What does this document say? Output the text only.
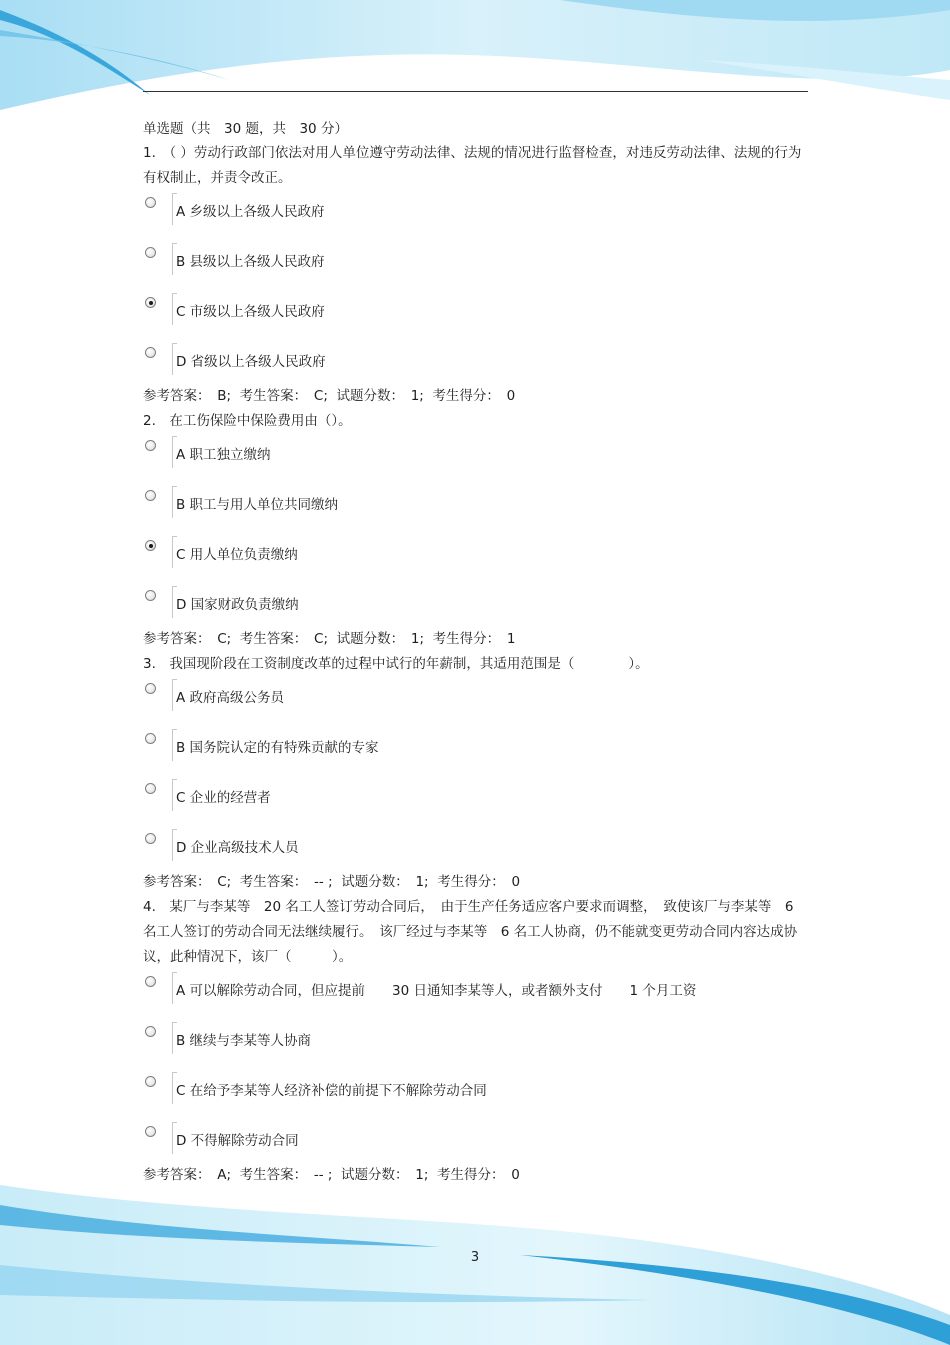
单选题（共　30 题，共　30 分）
1.　（ ）劳动行政部门依法对用人单位遵守劳动法律、法规的情况进行监督检查，对违反劳动法律、法规的行为有权制止，并责令改正。
A 乡级以上各级人民政府
B 县级以上各级人民政府
C 市级以上各级人民政府
D 省级以上各级人民政府
参考答案：　B;  考生答案：　C;  试题分数：　1;  考生得分：　0
2.　在工伤保险中保险费用由（）。
A 职工独立缴纳
B 职工与用人单位共同缴纳
C 用人单位负责缴纳
D 国家财政负责缴纳
参考答案：　C;  考生答案：　C;  试题分数：　1;  考生得分：　1
3.　我国现阶段在工资制度改革的过程中试行的年薪制，其适用范围是（　　　　）。
A 政府高级公务员
B 国务院认定的有特殊贡献的专家
C 企业的经营者
D 企业高级技术人员
参考答案：　C;  考生答案：　-- ;  试题分数：　1;  考生得分：　0
4.　某厂与李某等　20 名工人签订劳动合同后，　由于生产任务适应客户要求而调整，　致使该厂与李某等　6 名工人签订的劳动合同无法继续履行。　该厂经过与李某等　6 名工人协商，仍不能就变更劳动合同内容达成协议，此种情况下，该厂（　　　）。
A 可以解除劳动合同，但应提前　　30 日通知李某等人，或者额外支付　　1 个月工资
B 继续与李某等人协商
C 在给予李某等人经济补偿的前提下不解除劳动合同
D 不得解除劳动合同
参考答案：　A;  考生答案：　-- ;  试题分数：　1;  考生得分：　0
3
